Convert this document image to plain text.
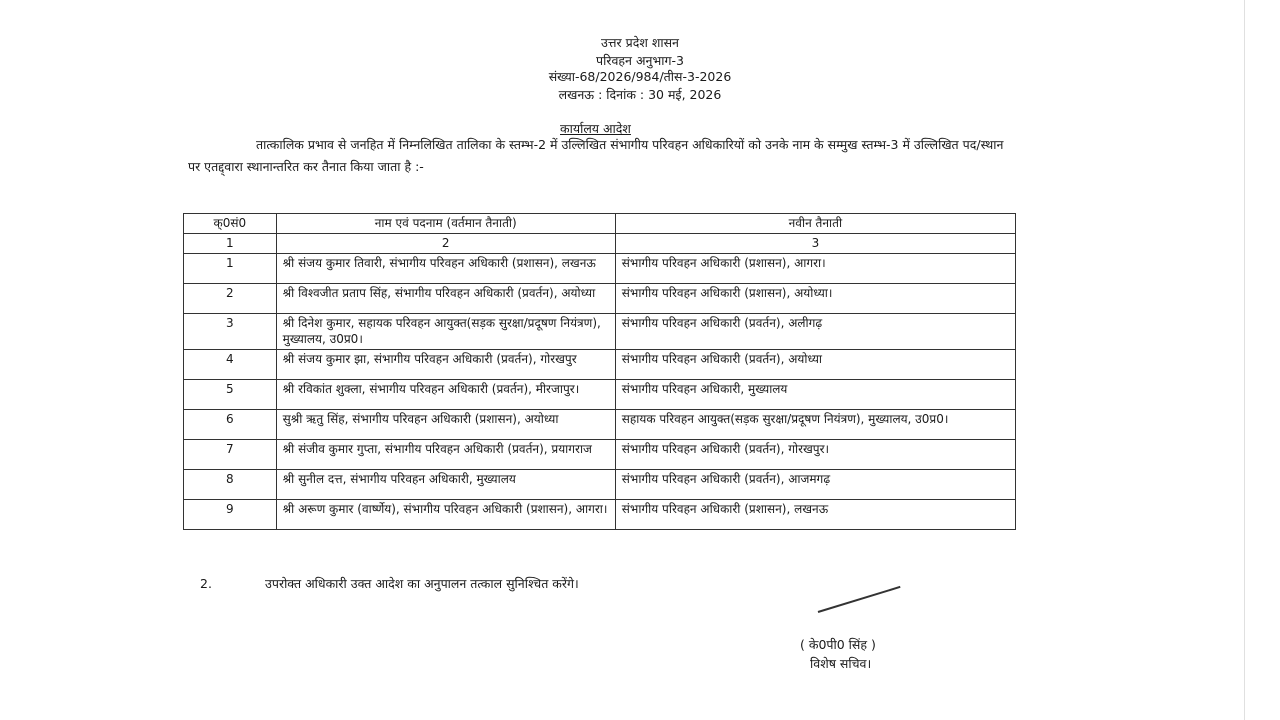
उत्तर प्रदेश शासन
परिवहन अनुभाग-3
संख्या-68/2026/984/तीस-3-2026
लखनऊ : दिनांक : 30 मई, 2026
कार्यालय आदेश
तात्कालिक प्रभाव से जनहित में निम्नलिखित तालिका के स्तम्भ-2 में उल्लिखित संभागीय परिवहन अधिकारियों को उनके नाम के सम्मुख स्तम्भ-3 में उल्लिखित पद/स्थान पर एतद्द्वारा स्थानान्तरित कर तैनात किया जाता है :-
क्0सं0	नाम एवं पदनाम (वर्तमान तैनाती)	नवीन तैनाती
1	2	3
1	श्री संजय कुमार तिवारी, संभागीय परिवहन अधिकारी (प्रशासन), लखनऊ	संभागीय परिवहन अधिकारी (प्रशासन), आगरा।
2	श्री विश्वजीत प्रताप सिंह, संभागीय परिवहन अधिकारी (प्रवर्तन), अयोध्या	संभागीय परिवहन अधिकारी (प्रशासन), अयोध्या।
3	श्री दिनेश कुमार, सहायक परिवहन आयुक्त(सड़क सुरक्षा/प्रदूषण नियंत्रण), मुख्यालय, उ0प्र0।	संभागीय परिवहन अधिकारी (प्रवर्तन), अलीगढ़
4	श्री संजय कुमार झा, संभागीय परिवहन अधिकारी (प्रवर्तन), गोरखपुर	संभागीय परिवहन अधिकारी (प्रवर्तन), अयोध्या
5	श्री रविकांत शुक्ला, संभागीय परिवहन अधिकारी (प्रवर्तन), मीरजापुर।	संभागीय परिवहन अधिकारी, मुख्यालय
6	सुश्री ऋतु सिंह, संभागीय परिवहन अधिकारी (प्रशासन), अयोध्या	सहायक परिवहन आयुक्त(सड़क सुरक्षा/प्रदूषण नियंत्रण), मुख्यालय, उ0प्र0।
7	श्री संजीव कुमार गुप्ता, संभागीय परिवहन अधिकारी (प्रवर्तन), प्रयागराज	संभागीय परिवहन अधिकारी (प्रवर्तन), गोरखपुर।
8	श्री सुनील दत्त, संभागीय परिवहन अधिकारी, मुख्यालय	संभागीय परिवहन अधिकारी (प्रवर्तन), आजमगढ़
9	श्री अरूण कुमार (वार्ष्णेय), संभागीय परिवहन अधिकारी (प्रशासन), आगरा।	संभागीय परिवहन अधिकारी (प्रशासन), लखनऊ
2.	उपरोक्त अधिकारी उक्त आदेश का अनुपालन तत्काल सुनिश्चित करेंगे।
( के0पी0 सिंह )
विशेष सचिव।
